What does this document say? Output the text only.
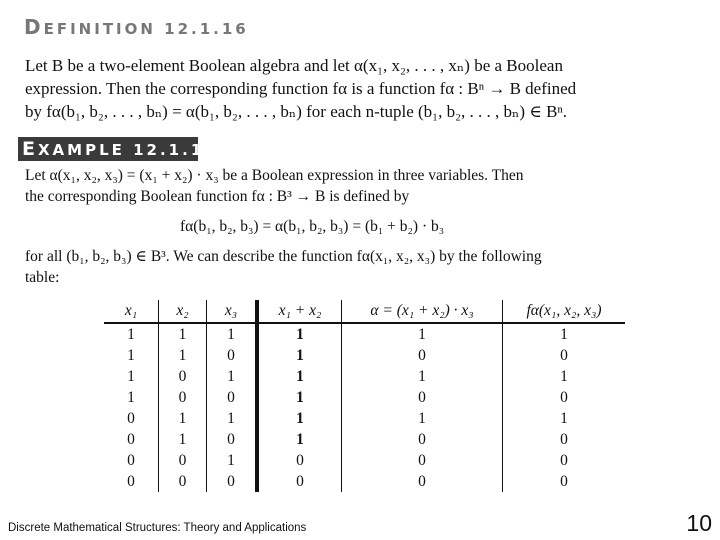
DEFINITION 12.1.16
Let B be a two-element Boolean algebra and let α(x₁, x₂, . . . , xₙ) be a Boolean
expression. Then the corresponding function fα is a function fα : Bⁿ → B defined
by fα(b₁, b₂, . . . , bₙ) = α(b₁, b₂, . . . , bₙ) for each n-tuple (b₁, b₂, . . . , bₙ) ∈ Bⁿ.
EXAMPLE 12.1.17
Let α(x₁, x₂, x₃) = (x₁ + x₂) · x₃ be a Boolean expression in three variables. Then
the corresponding Boolean function fα : B³ → B is defined by
fα(b₁, b₂, b₃) = α(b₁, b₂, b₃) = (b₁ + b₂) · b₃
for all (b₁, b₂, b₃) ∈ B³. We can describe the function fα(x₁, x₂, x₃) by the following
table:
x₁	x₂	x₃	x₁ + x₂	α = (x₁ + x₂) · x₃	fα(x₁, x₂, x₃)
1	1	1	1	1	1
1	1	0	1	0	0
1	0	1	1	1	1
1	0	0	1	0	0
0	1	1	1	1	1
0	1	0	1	0	0
0	0	1	0	0	0
0	0	0	0	0	0
Discrete Mathematical Structures: Theory and Applications	10
